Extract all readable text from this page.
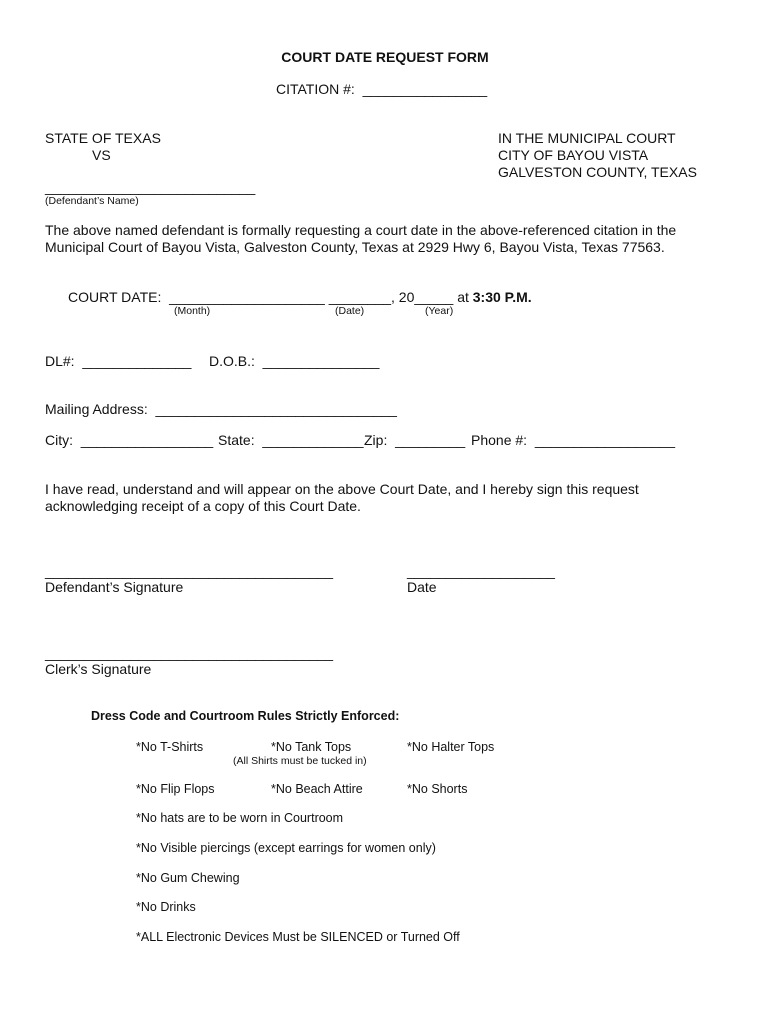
COURT DATE REQUEST FORM
CITATION #:  ________________
STATE OF TEXAS
VS
IN THE MUNICIPAL COURT
CITY OF BAYOU VISTA
GALVESTON COUNTY, TEXAS
___________________________
(Defendant’s Name)
The above named defendant is formally requesting a court date in the above-referenced citation in the
Municipal Court of Bayou Vista, Galveston County, Texas at 2929 Hwy 6, Bayou Vista, Texas 77563.
COURT DATE:  ____________________ ________, 20_____ at 3:30 P.M.
(Month)	(Date)	(Year)
DL#:  ______________ D.O.B.:  _______________
Mailing Address:  _______________________________
City:  _________________ State:  _____________ Zip:  _________ Phone #:  __________________
I have read, understand and will appear on the above Court Date, and I hereby sign this request
acknowledging receipt of a copy of this Court Date.
_____________________________________
Defendant’s Signature
___________________
Date
_____________________________________
Clerk’s Signature
Dress Code and Courtroom Rules Strictly Enforced:
*No T-Shirts	*No Tank Tops	*No Halter Tops
(All Shirts must be tucked in)
*No Flip Flops	*No Beach Attire	*No Shorts
*No hats are to be worn in Courtroom
*No Visible piercings (except earrings for women only)
*No Gum Chewing
*No Drinks
*ALL Electronic Devices Must be SILENCED or Turned Off
